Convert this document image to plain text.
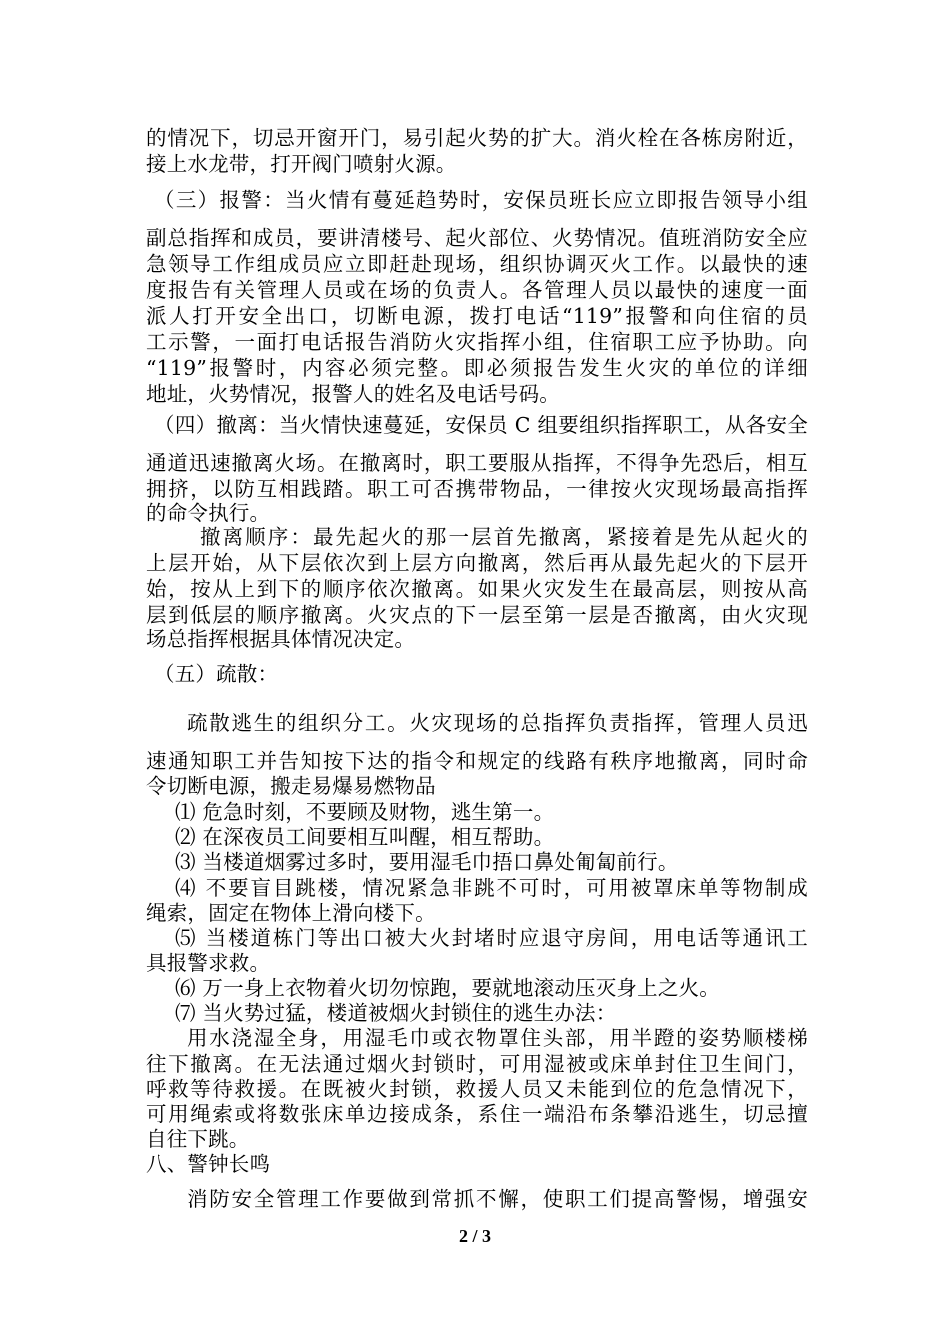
的情况下，切忌开窗开门，易引起火势的扩大。消火栓在各栋房附近，
接上水龙带，打开阀门喷射火源。
（三）报警：当火情有蔓延趋势时，安保员班长应立即报告领导小组
副总指挥和成员，要讲清楼号、起火部位、火势情况。值班消防安全应
急领导工作组成员应立即赶赴现场，组织协调灭火工作。以最快的速
度报告有关管理人员或在场的负责人。各管理人员以最快的速度一面
派人打开安全出口，切断电源，拨打电话“119”报警和向住宿的员
工示警，一面打电话报告消防火灾指挥小组，住宿职工应予协助。向
“119”报警时，内容必须完整。即必须报告发生火灾的单位的详细
地址，火势情况，报警人的姓名及电话号码。
（四）撤离：当火情快速蔓延，安保员 C 组要组织指挥职工，从各安全
通道迅速撤离火场。在撤离时，职工要服从指挥，不得争先恐后，相互
拥挤，以防互相践踏。职工可否携带物品，一律按火灾现场最高指挥
的命令执行。
撤离顺序：最先起火的那一层首先撤离，紧接着是先从起火的
上层开始，从下层依次到上层方向撤离，然后再从最先起火的下层开
始，按从上到下的顺序依次撤离。如果火灾发生在最高层，则按从高
层到低层的顺序撤离。火灾点的下一层至第一层是否撤离，由火灾现
场总指挥根据具体情况决定。
（五）疏散：
疏散逃生的组织分工。火灾现场的总指挥负责指挥，管理人员迅
速通知职工并告知按下达的指令和规定的线路有秩序地撤离，同时命
令切断电源，搬走易爆易燃物品
⑴ 危急时刻，不要顾及财物，逃生第一。
⑵ 在深夜员工间要相互叫醒，相互帮助。
⑶ 当楼道烟雾过多时，要用湿毛巾捂口鼻处匍匐前行。
⑷ 不要盲目跳楼，情况紧急非跳不可时，可用被罩床单等物制成
绳索，固定在物体上滑向楼下。
⑸ 当楼道栋门等出口被大火封堵时应退守房间，用电话等通讯工
具报警求救。
⑹ 万一身上衣物着火切勿惊跑，要就地滚动压灭身上之火。
⑺ 当火势过猛，楼道被烟火封锁住的逃生办法：
用水浇湿全身，用湿毛巾或衣物罩住头部，用半蹬的姿势顺楼梯
往下撤离。在无法通过烟火封锁时，可用湿被或床单封住卫生间门，
呼救等待救援。在既被火封锁，救援人员又未能到位的危急情况下，
可用绳索或将数张床单边接成条，系住一端沿布条攀沿逃生，切忌擅
自往下跳。
八、警钟长鸣
消防安全管理工作要做到常抓不懈，使职工们提高警惕，增强安
2 / 3
